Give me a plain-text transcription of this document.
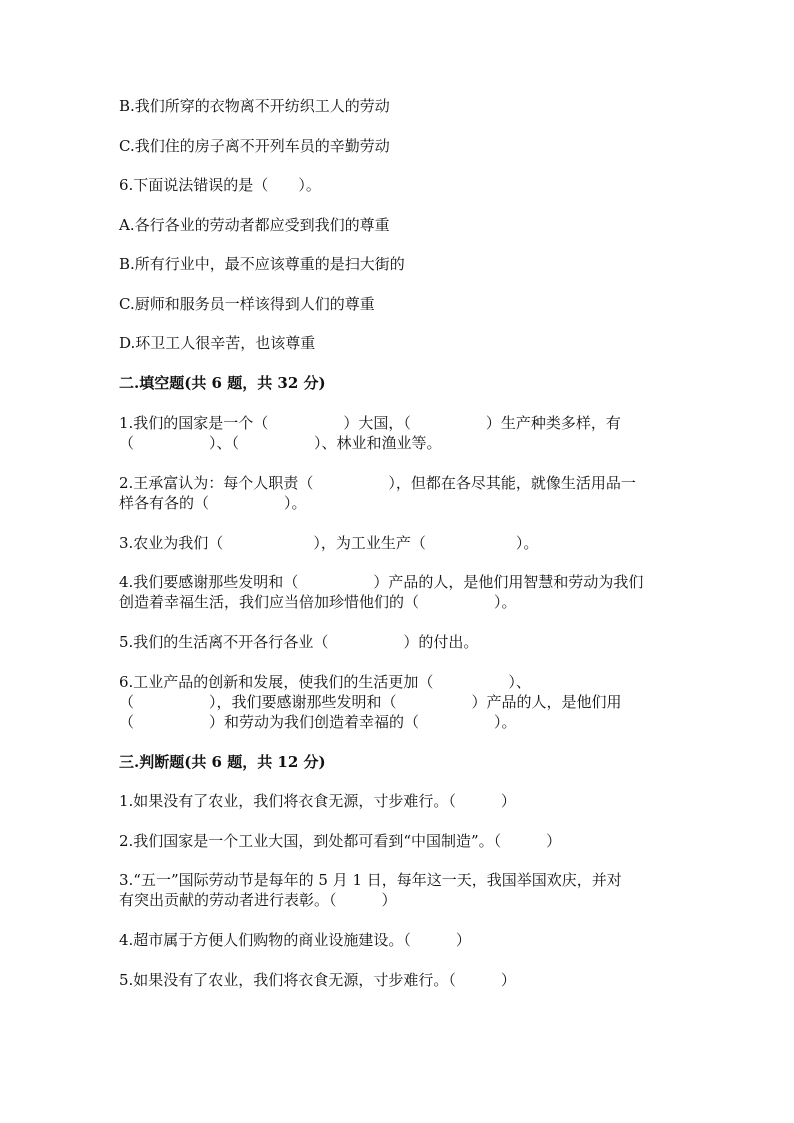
B.我们所穿的衣物离不开纺织工人的劳动
C.我们住的房子离不开列车员的辛勤劳动
6.下面说法错误的是（　　）。
A.各行各业的劳动者都应受到我们的尊重
B.所有行业中，最不应该尊重的是扫大街的
C.厨师和服务员一样该得到人们的尊重
D.环卫工人很辛苦，也该尊重
二.填空题(共 6 题，共 32 分)
1.我们的国家是一个（　　　　　）大国，（　　　　　）生产种类多样，有
（　　　　　）、（　　　　　）、林业和渔业等。
2.王承富认为：每个人职责（　　　　　），但都在各尽其能，就像生活用品一
样各有各的（　　　　　）。
3.农业为我们（　　　　　　），为工业生产（　　　　　　）。
4.我们要感谢那些发明和（　　　　　）产品的人，是他们用智慧和劳动为我们
创造着幸福生活，我们应当倍加珍惜他们的（　　　　　）。
5.我们的生活离不开各行各业（　　　　　）的付出。
6.工业产品的创新和发展，使我们的生活更加（　　　　　）、
（　　　　　），我们要感谢那些发明和（　　　　　）产品的人，是他们用
（　　　　　）和劳动为我们创造着幸福的（　　　　　）。
三.判断题(共 6 题，共 12 分)
1.如果没有了农业，我们将衣食无源，寸步难行。（　　　）
2.我们国家是一个工业大国，到处都可看到“中国制造”。（　　　）
3.“五一”国际劳动节是每年的 5 月 1 日，每年这一天，我国举国欢庆，并对
有突出贡献的劳动者进行表彰。（　　　）
4.超市属于方便人们购物的商业设施建设。（　　　）
5.如果没有了农业，我们将衣食无源，寸步难行。（　　　）
